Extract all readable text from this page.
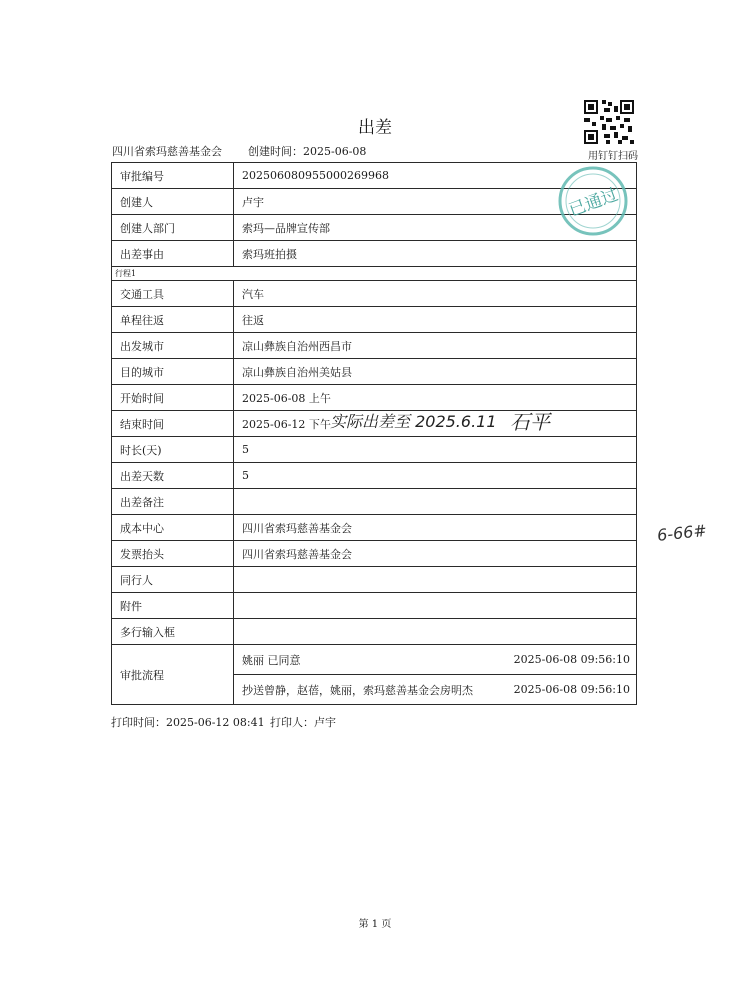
出差
四川省索玛慈善基金会 创建时间：2025-06-08	用钉钉扫码
审批编号	202506080955000269968	
创建人	卢宇	
创建人部门	索玛—品牌宣传部	
出差事由	索玛班拍摄	
行程1		
交通工具	汽车	
单程往返	往返	
出发城市	凉山彝族自治州西昌市	
目的城市	凉山彝族自治州美姑县	
开始时间	2025-06-08 上午	
结束时间	2025-06-12 下午	
时长(天)	5	
出差天数	5	
出差备注		
成本中心	四川省索玛慈善基金会	
发票抬头	四川省索玛慈善基金会	
同行人		
附件		
多行输入框		
审批流程	姚丽 已同意	2025-06-08 09:56:10
	抄送曾静，赵蓓，姚丽，索玛慈善基金会房明杰	2025-06-08 09:56:10
已通过
实际出差至 2025.6.11 石平
6-66#
打印时间：2025-06-12 08:41 打印人：卢宇
第 1 页
